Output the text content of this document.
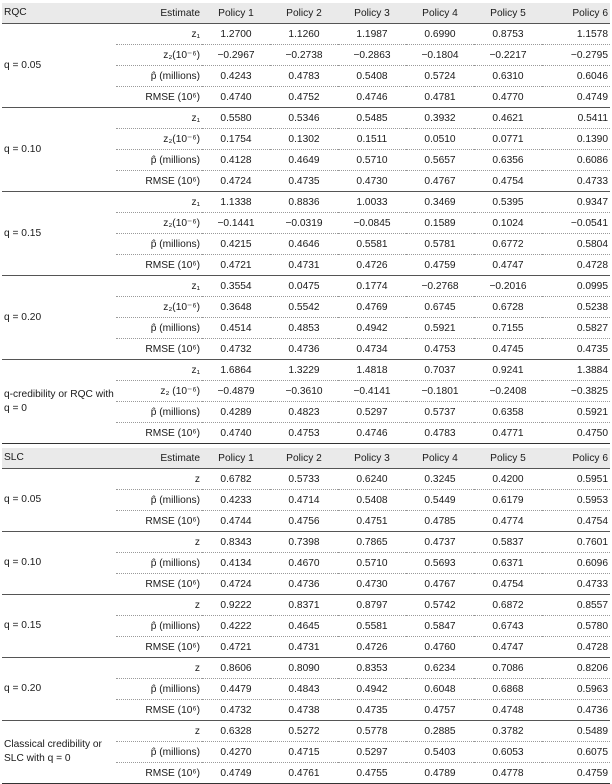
RQC	Estimate	Policy 1	Policy 2	Policy 3	Policy 4	Policy 5	Policy 6
q = 0.05	z₁	1.2700	1.1260	1.1987	0.6990	0.8753	1.1578
	z₂(10⁻⁶)	−0.2967	−0.2738	−0.2863	−0.1804	−0.2217	−0.2795
	p̂ (millions)	0.4243	0.4783	0.5408	0.5724	0.6310	0.6046
	RMSE (10⁶)	0.4740	0.4752	0.4746	0.4781	0.4770	0.4749
q = 0.10	z₁	0.5580	0.5346	0.5485	0.3932	0.4621	0.5411
	z₂(10⁻⁶)	0.1754	0.1302	0.1511	0.0510	0.0771	0.1390
	p̂ (millions)	0.4128	0.4649	0.5710	0.5657	0.6356	0.6086
	RMSE (10⁶)	0.4724	0.4735	0.4730	0.4767	0.4754	0.4733
q = 0.15	z₁	1.1338	0.8836	1.0033	0.3469	0.5395	0.9347
	z₂(10⁻⁶)	−0.1441	−0.0319	−0.0845	0.1589	0.1024	−0.0541
	p̂ (millions)	0.4215	0.4646	0.5581	0.5781	0.6772	0.5804
	RMSE (10⁶)	0.4721	0.4731	0.4726	0.4759	0.4747	0.4728
q = 0.20	z₁	0.3554	0.0475	0.1774	−0.2768	−0.2016	0.0995
	z₂(10⁻⁶)	0.3648	0.5542	0.4769	0.6745	0.6728	0.5238
	p̂ (millions)	0.4514	0.4853	0.4942	0.5921	0.7155	0.5827
	RMSE (10⁶)	0.4732	0.4736	0.4734	0.4753	0.4745	0.4735
q-credibility or RQC with q = 0	z₁	1.6864	1.3229	1.4818	0.7037	0.9241	1.3884
	z₂ (10⁻⁶)	−0.4879	−0.3610	−0.4141	−0.1801	−0.2408	−0.3825
	p̂ (millions)	0.4289	0.4823	0.5297	0.5737	0.6358	0.5921
	RMSE (10⁶)	0.4740	0.4753	0.4746	0.4783	0.4771	0.4750

SLC	Estimate	Policy 1	Policy 2	Policy 3	Policy 4	Policy 5	Policy 6
q = 0.05	z	0.6782	0.5733	0.6240	0.3245	0.4200	0.5951
	p̂ (millions)	0.4233	0.4714	0.5408	0.5449	0.6179	0.5953
	RMSE (10⁶)	0.4744	0.4756	0.4751	0.4785	0.4774	0.4754
q = 0.10	z	0.8343	0.7398	0.7865	0.4737	0.5837	0.7601
	p̂ (millions)	0.4134	0.4670	0.5710	0.5693	0.6371	0.6096
	RMSE (10⁶)	0.4724	0.4736	0.4730	0.4767	0.4754	0.4733
q = 0.15	z	0.9222	0.8371	0.8797	0.5742	0.6872	0.8557
	p̂ (millions)	0.4222	0.4645	0.5581	0.5847	0.6743	0.5780
	RMSE (10⁶)	0.4721	0.4731	0.4726	0.4760	0.4747	0.4728
q = 0.20	z	0.8606	0.8090	0.8353	0.6234	0.7086	0.8206
	p̂ (millions)	0.4479	0.4843	0.4942	0.6048	0.6868	0.5963
	RMSE (10⁶)	0.4732	0.4738	0.4735	0.4757	0.4748	0.4736
Classical credibility or SLC with q = 0	z	0.6328	0.5272	0.5778	0.2885	0.3782	0.5489
	p̂ (millions)	0.4270	0.4715	0.5297	0.5403	0.6053	0.6075
	RMSE (10⁶)	0.4749	0.4761	0.4755	0.4789	0.4778	0.4759
